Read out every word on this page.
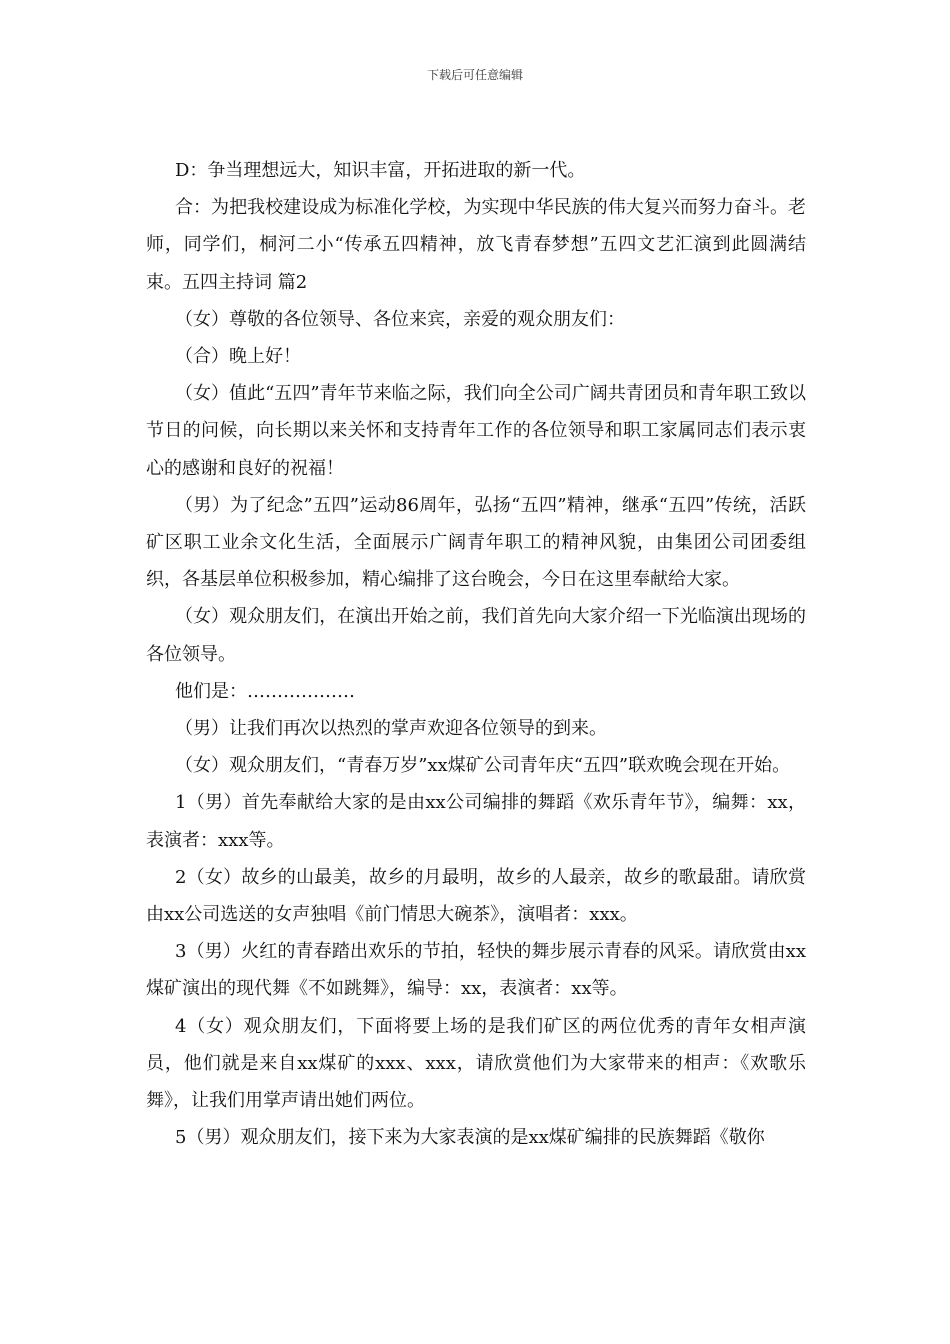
下载后可任意编辑

D：争当理想远大，知识丰富，开拓进取的新一代。

合：为把我校建设成为标准化学校，为实现中华民族的伟大复兴而努力奋斗。老师，同学们，桐河二小“传承五四精神，放飞青春梦想”五四文艺汇演到此圆满结束。五四主持词 篇2

（女）尊敬的各位领导、各位来宾，亲爱的观众朋友们：

（合）晚上好！

（女）值此“五四”青年节来临之际，我们向全公司广阔共青团员和青年职工致以节日的问候，向长期以来关怀和支持青年工作的各位领导和职工家属同志们表示衷心的感谢和良好的祝福！

（男）为了纪念”五四”运动86周年，弘扬“五四”精神，继承“五四”传统，活跃矿区职工业余文化生活，全面展示广阔青年职工的精神风貌，由集团公司团委组织，各基层单位积极参加，精心编排了这台晚会，今日在这里奉献给大家。

（女）观众朋友们，在演出开始之前，我们首先向大家介绍一下光临演出现场的各位领导。

他们是：………………

（男）让我们再次以热烈的掌声欢迎各位领导的到来。

（女）观众朋友们，“青春万岁”xx煤矿公司青年庆“五四”联欢晚会现在开始。

1（男）首先奉献给大家的是由xx公司编排的舞蹈《欢乐青年节》，编舞：xx，表演者：xxx等。

2（女）故乡的山最美，故乡的月最明，故乡的人最亲，故乡的歌最甜。请欣赏由xx公司选送的女声独唱《前门情思大碗茶》，演唱者：xxx。

3（男）火红的青春踏出欢乐的节拍，轻快的舞步展示青春的风采。请欣赏由xx煤矿演出的现代舞《不如跳舞》，编导：xx，表演者：xx等。

4（女）观众朋友们，下面将要上场的是我们矿区的两位优秀的青年女相声演员，他们就是来自xx煤矿的xxx、xxx，请欣赏他们为大家带来的相声：《欢歌乐舞》，让我们用掌声请出她们两位。

5（男）观众朋友们，接下来为大家表演的是xx煤矿编排的民族舞蹈《敬你
